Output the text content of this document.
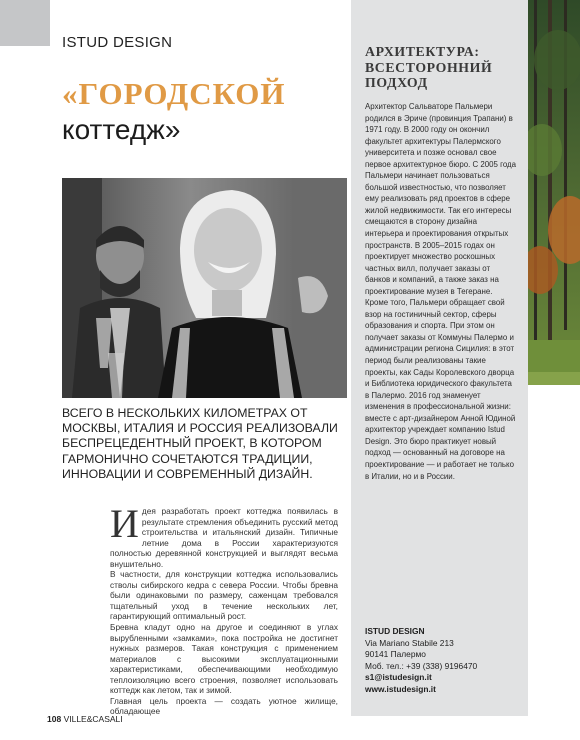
ISTUD DESIGN
«ГОРОДСКОЙ
коттедж»
ВСЕГО В НЕСКОЛЬКИХ КИЛОМЕТРАХ ОТ МОСКВЫ, ИТАЛИЯ И РОССИЯ РЕАЛИЗОВАЛИ БЕСПРЕЦЕДЕНТНЫЙ ПРОЕКТ, В КОТОРОМ ГАРМОНИЧНО СОЧЕТАЮТСЯ ТРАДИЦИИ, ИННОВАЦИИ И СОВРЕМЕННЫЙ ДИЗАЙН.

Идея разработать проект коттеджа появилась в результате стремления объединить русский метод строительства и итальянский дизайн. Типичные летние дома в России характеризуются полностью деревянной конструкцией и выглядят весьма внушительно.

В частности, для конструкции коттеджа использовались стволы сибирского кедра с севера России. Чтобы бревна были одинаковыми по размеру, саженцам требовался тщательный уход в течение нескольких лет, гарантирующий оптимальный рост.

Бревна кладут одно на другое и соединяют в углах вырубленными «замками», пока постройка не достигнет нужных размеров. Такая конструкция с применением материалов с высокими эксплуатационными характеристиками, обеспечивающими необходимую теплоизоляцию всего строения, позволяет использовать коттедж как летом, так и зимой.

Главная цель проекта — создать уютное жилище, обладающее

108 VILLE&CASALI
АРХИТЕКТУРА: ВСЕСТОРОННИЙ ПОДХОД
Архитектор Сальваторе Пальмери родился в Эриче (провинция Трапани) в 1971 году. В 2000 году он окончил факультет архитектуры Палермского университета и позже основал свое первое архитектурное бюро. С 2005 года Пальмери начинает пользоваться большой известностью, что позволяет ему реализовать ряд проектов в сфере жилой недвижимости. Так его интересы смещаются в сторону дизайна интерьера и проектирования открытых пространств. В 2005–2015 годах он проектирует множество роскошных частных вилл, получает заказы от банков и компаний, а также заказ на проектирование музея в Тегеране. Кроме того, Пальмери обращает свой взор на гостиничный сектор, сферы образования и спорта. При этом он получает заказы от Коммуны Палермо и администрации региона Сицилия: в этот период были реализованы такие проекты, как Сады Королевского дворца и Библиотека юридического факультета в Палермо. 2016 год знаменует изменения в профессиональной жизни: вместе с арт-дизайнером Анной Юдиной архитектор учреждает компанию Istud Design. Это бюро практикует новый подход — основанный на договоре на проектирование — и работает не только в Италии, но и в России.
ISTUD DESIGN
Via Mariano Stabile 213
90141 Палермо
Моб. тел.: +39 (338) 9196470
s1@istudesign.it
www.istudesign.it
